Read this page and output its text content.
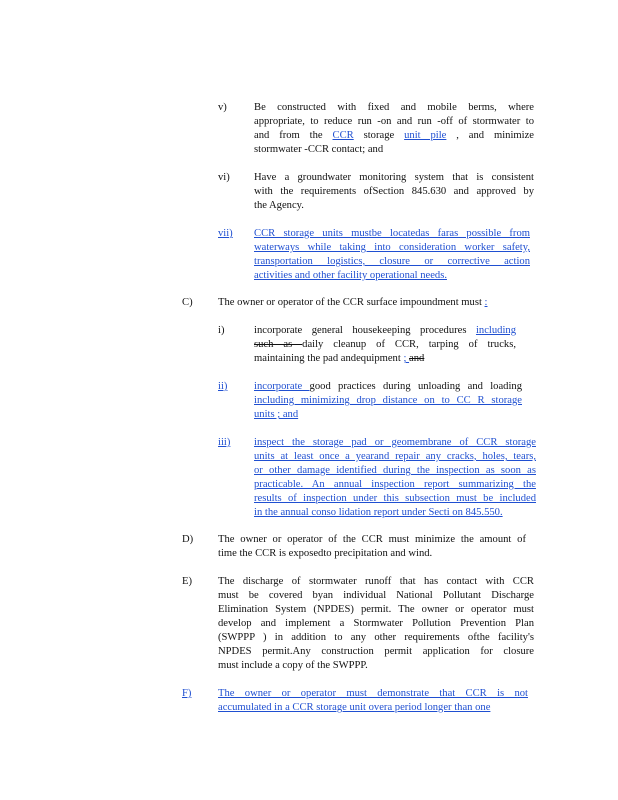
v)	Be constructed with fixed and mobile berms, where
appropriate, to reduce run -on and run -off of stormwater to
and from the CCR storage unit pile , and minimize
stormwater -CCR contact; and
vi) Have a groundwater monitoring system that is consistent
with the requirements ofSection 845.630 and approved by
the Agency.
vii) CCR storage units mustbe locatedas faras possible from
waterways while taking into consideration worker safety,
transportation logistics, closure or corrective action
activities and other facility operational needs.
C) The owner or operator of the CCR surface impoundment must :
i)	incorporate general housekeeping procedures including
such as daily cleanup of CCR, tarping of trucks,
maintaining the pad andequipment ; and
ii)	incorporate good practices during unloading and loading
including minimizing drop distance on to CC R storage
units ; and
iii) inspect the storage pad or geomembrane of CCR storage
units at least once a yearand repair any cracks, holes, tears,
or other damage identified during the inspection as soon as
practicable. An annual inspection report summarizing the
results of inspection under this subsection must be included
in the annual conso lidation report under Secti on 845.550.
D) The owner or operator of the CCR must minimize the amount of
time the CCR is exposedto precipitation and wind.
E) The discharge of stormwater runoff that has contact with CCR
must be covered byan individual National Pollutant Discharge
Elimination System (NPDES) permit. The owner or operator must
develop and implement a Stormwater Pollution Prevention Plan
(SWPPP ) in addition to any other requirements ofthe facility's
NPDES permit.Any construction permit application for closure
must include a copy of the SWPPP.
F)	The owner or operator must demonstrate that CCR is not
accumulated in a CCR storage unit overa period longer than one
